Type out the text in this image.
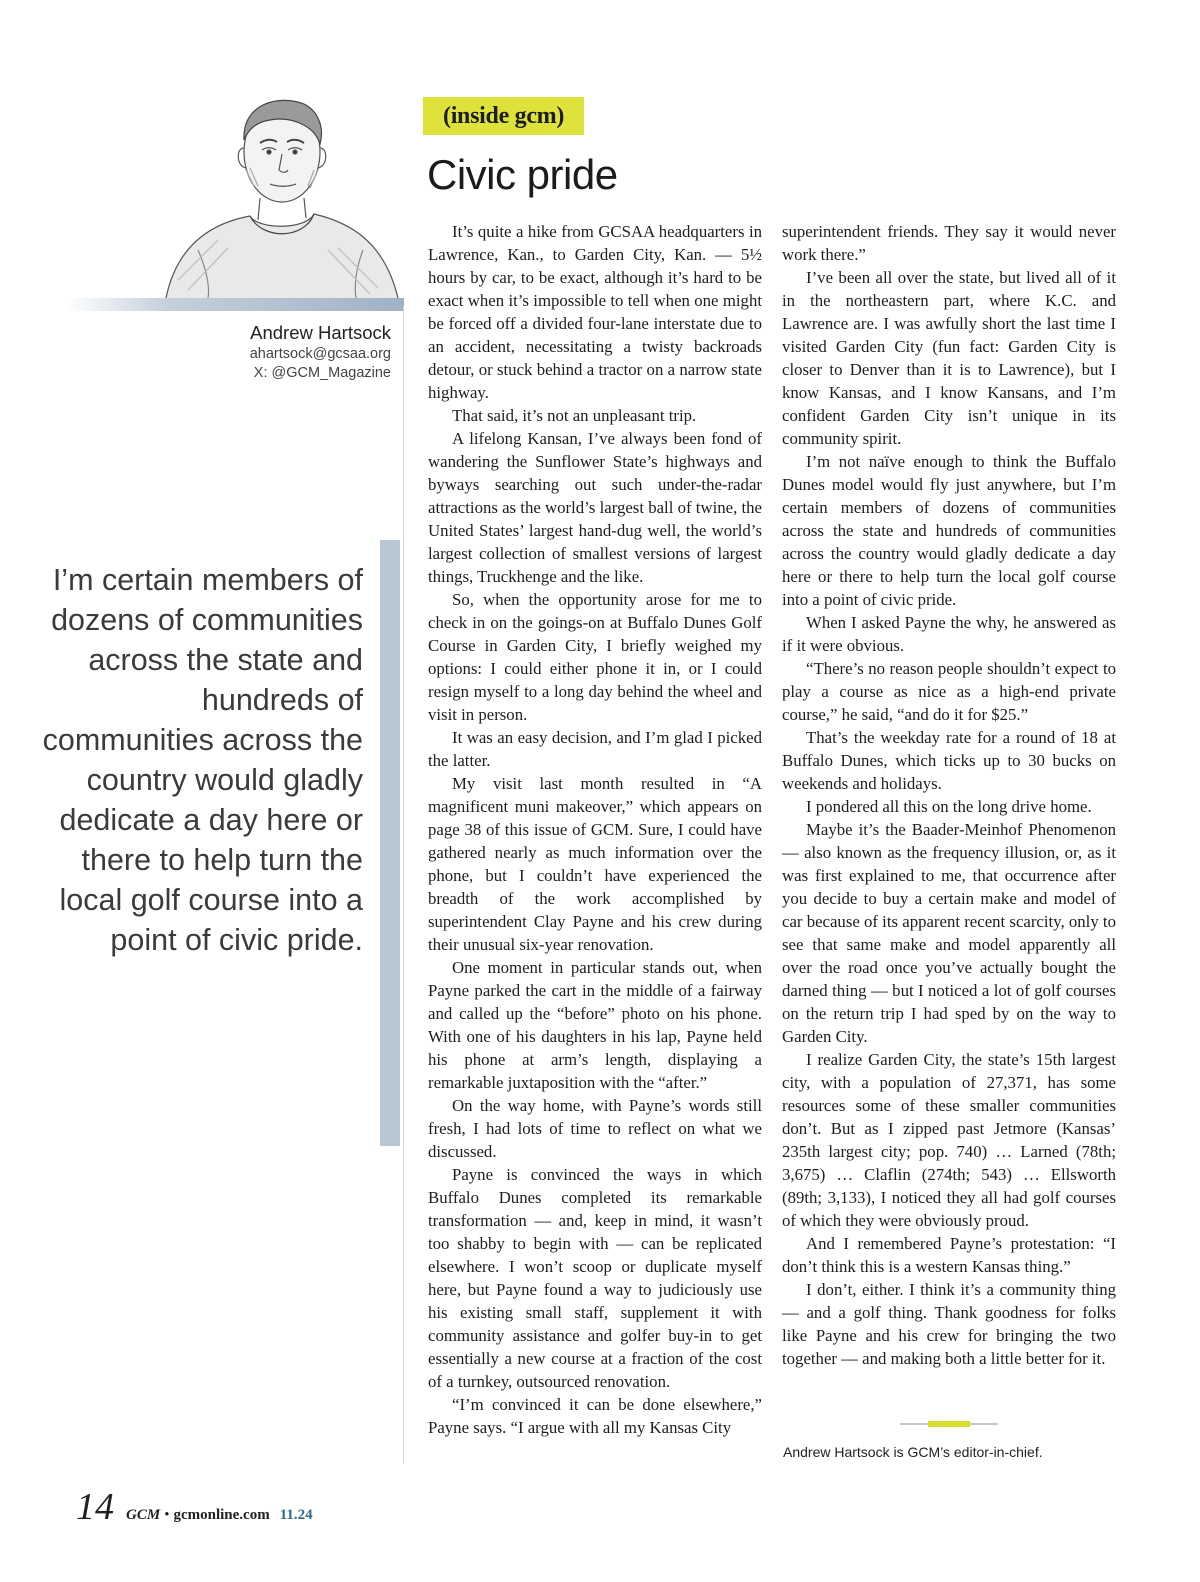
Andrew Hartsock
ahartsock@gcsaa.org
X: @GCM_Magazine
I’m certain members of dozens of communities across the state and hundreds of communities across the country would gladly dedicate a day here or there to help turn the local golf course into a point of civic pride.
(inside gcm)
Civic pride

It’s quite a hike from GCSAA headquarters in Lawrence, Kan., to Garden City, Kan. — 5½ hours by car, to be exact, although it’s hard to be exact when it’s impossible to tell when one might be forced off a divided four-lane interstate due to an accident, necessitating a twisty backroads detour, or stuck behind a tractor on a narrow state highway.

That said, it’s not an unpleasant trip.

A lifelong Kansan, I’ve always been fond of wandering the Sunflower State’s highways and byways searching out such under-the-radar attractions as the world’s largest ball of twine, the United States’ largest hand-dug well, the world’s largest collection of smallest versions of largest things, Truckhenge and the like.

So, when the opportunity arose for me to check in on the goings-on at Buffalo Dunes Golf Course in Garden City, I briefly weighed my options: I could either phone it in, or I could resign myself to a long day behind the wheel and visit in person.

It was an easy decision, and I’m glad I picked the latter.

My visit last month resulted in “A magnificent muni makeover,” which appears on page 38 of this issue of GCM. Sure, I could have gathered nearly as much information over the phone, but I couldn’t have experienced the breadth of the work accomplished by superintendent Clay Payne and his crew during their unusual six-year renovation.

One moment in particular stands out, when Payne parked the cart in the middle of a fairway and called up the “before” photo on his phone. With one of his daughters in his lap, Payne held his phone at arm’s length, displaying a remarkable juxtaposition with the “after.”

On the way home, with Payne’s words still fresh, I had lots of time to reflect on what we discussed.

Payne is convinced the ways in which Buffalo Dunes completed its remarkable transformation — and, keep in mind, it wasn’t too shabby to begin with — can be replicated elsewhere. I won’t scoop or duplicate myself here, but Payne found a way to judiciously use his existing small staff, supplement it with community assistance and golfer buy-in to get essentially a new course at a fraction of the cost of a turnkey, outsourced renovation.

“I’m convinced it can be done elsewhere,” Payne says. “I argue with all my Kansas City

superintendent friends. They say it would never work there.”

I’ve been all over the state, but lived all of it in the northeastern part, where K.C. and Lawrence are. I was awfully short the last time I visited Garden City (fun fact: Garden City is closer to Denver than it is to Lawrence), but I know Kansas, and I know Kansans, and I’m confident Garden City isn’t unique in its community spirit.

I’m not naïve enough to think the Buffalo Dunes model would fly just anywhere, but I’m certain members of dozens of communities across the state and hundreds of communities across the country would gladly dedicate a day here or there to help turn the local golf course into a point of civic pride.

When I asked Payne the why, he answered as if it were obvious.

“There’s no reason people shouldn’t expect to play a course as nice as a high-end private course,” he said, “and do it for $25.”

That’s the weekday rate for a round of 18 at Buffalo Dunes, which ticks up to 30 bucks on weekends and holidays.

I pondered all this on the long drive home.

Maybe it’s the Baader-Meinhof Phenomenon — also known as the frequency illusion, or, as it was first explained to me, that occurrence after you decide to buy a certain make and model of car because of its apparent recent scarcity, only to see that same make and model apparently all over the road once you’ve actually bought the darned thing — but I noticed a lot of golf courses on the return trip I had sped by on the way to Garden City.

I realize Garden City, the state’s 15th largest city, with a population of 27,371, has some resources some of these smaller communities don’t. But as I zipped past Jetmore (Kansas’ 235th largest city; pop. 740) … Larned (78th; 3,675) … Claflin (274th; 543) … Ellsworth (89th; 3,133), I noticed they all had golf courses of which they were obviously proud.

And I remembered Payne’s protestation: “I don’t think this is a western Kansas thing.”

I don’t, either. I think it’s a community thing — and a golf thing. Thank goodness for folks like Payne and his crew for bringing the two together — and making both a little better for it.

Andrew Hartsock is GCM’s editor-in-chief.
14 GCM • gcmonline.com 11.24
